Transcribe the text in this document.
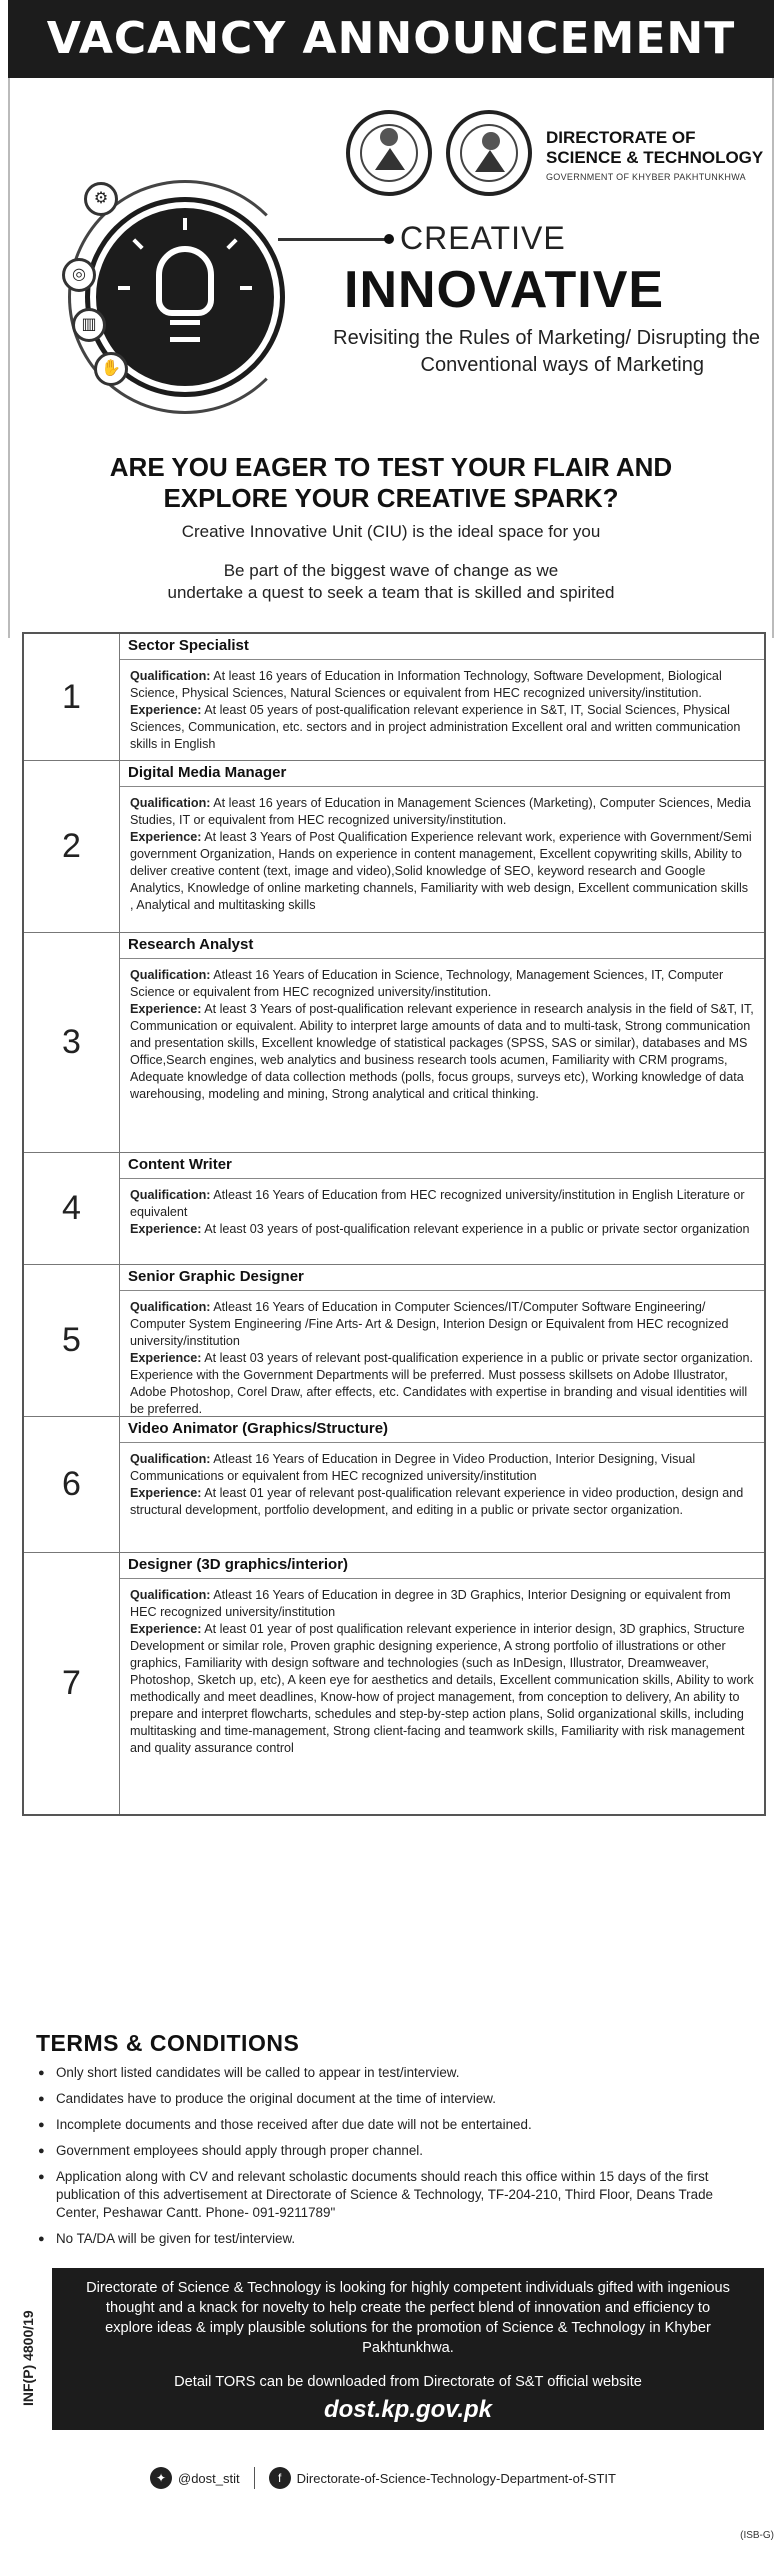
VACANCY ANNOUNCEMENT
DIRECTORATE OF
SCIENCE & TECHNOLOGY
GOVERNMENT OF KHYBER PAKHTUNKHWA
⚙
◎
▥
✋
CREATIVE
INNOVATIVE
Revisiting the Rules of Marketing/ Disrupting the
Conventional ways of Marketing
ARE YOU EAGER TO TEST YOUR FLAIR AND
EXPLORE YOUR CREATIVE SPARK?
Creative Innovative Unit (CIU) is the ideal space for you
Be part of the biggest wave of change as we
undertake a quest to seek a team that is skilled and spirited
1
Sector Specialist

Qualification: At least 16 years of Education in Information Technology, Software Development, Biological Science, Physical Sciences, Natural Sciences or equivalent from HEC recognized university/institution.

Experience: At least 05 years of post-qualification relevant experience in S&T, IT, Social Sciences, Physical Sciences, Communication, etc. sectors and in project administration Excellent oral and written communication skills in English

2
Digital Media Manager

Qualification: At least 16 years of Education in Management Sciences (Marketing), Computer Sciences, Media Studies, IT or equivalent from HEC recognized university/institution.

Experience: At least 3 Years of Post Qualification Experience relevant work, experience with Government/Semi government Organization, Hands on experience in content management, Excellent copywriting skills, Ability to deliver creative content (text, image and video),Solid knowledge of SEO, keyword research and Google Analytics, Knowledge of online marketing channels, Familiarity with web design, Excellent communication skills , Analytical and multitasking skills

3
Research Analyst

Qualification: Atleast 16 Years of Education in Science, Technology, Management Sciences, IT, Computer Science or equivalent from HEC recognized university/institution.

Experience: At least 3 Years of post-qualification relevant experience in research analysis in the field of S&T, IT, Communication or equivalent. Ability to interpret large amounts of data and to multi-task, Strong communication and presentation skills, Excellent knowledge of statistical packages (SPSS, SAS or similar), databases and MS Office,Search engines, web analytics and business research tools acumen, Familiarity with CRM programs, Adequate knowledge of data collection methods (polls, focus groups, surveys etc), Working knowledge of data warehousing, modeling and mining, Strong analytical and critical thinking.

4
Content Writer

Qualification: Atleast 16 Years of Education from HEC recognized university/institution in English Literature or equivalent

Experience: At least 03 years of post-qualification relevant experience in a public or private sector organization

5
Senior Graphic Designer

Qualification: Atleast 16 Years of Education in Computer Sciences/IT/Computer Software Engineering/ Computer System Engineering /Fine Arts- Art & Design, Interion Design or Equivalent from HEC recognized university/institution

Experience: At least 03 years of relevant post-qualification experience in a public or private sector organization. Experience with the Government Departments will be preferred. Must possess skillsets on Adobe Illustrator, Adobe Photoshop, Corel Draw, after effects, etc. Candidates with expertise in branding and visual identities will be preferred.

6
Video Animator (Graphics/Structure)

Qualification: Atleast 16 Years of Education in Degree in Video Production, Interior Designing, Visual Communications or equivalent from HEC recognized university/institution

Experience: At least 01 year of relevant post-qualification relevant experience in video production, design and structural development, portfolio development, and editing in a public or private sector organization.

7
Designer (3D graphics/interior)

Qualification: Atleast 16 Years of Education in degree in 3D Graphics, Interior Designing or equivalent from HEC recognized university/institution

Experience: At least 01 year of post qualification relevant experience in interior design, 3D graphics, Structure Development or similar role, Proven graphic designing experience, A strong portfolio of illustrations or other graphics, Familiarity with design software and technologies (such as InDesign, Illustrator, Dreamweaver, Photoshop, Sketch up, etc), A keen eye for aesthetics and details, Excellent communication skills, Ability to work methodically and meet deadlines, Know-how of project management, from conception to delivery, An ability to prepare and interpret flowcharts, schedules and step-by-step action plans, Solid organizational skills, including multitasking and time-management, Strong client-facing and teamwork skills, Familiarity with risk management and quality assurance control

TERMS & CONDITIONS
● Only short listed candidates will be called to appear in test/interview.
● Candidates have to produce the original document at the time of interview.
● Incomplete documents and those received after due date will not be entertained.
● Government employees should apply through proper channel.
● Application along with CV and relevant scholastic documents should reach this office within 15 days of the first publication of this advertisement at Directorate of Science & Technology, TF-204-210, Third Floor, Deans Trade Center, Peshawar Cantt. Phone- 091-9211789"
● No TA/DA will be given for test/interview.
INF(P) 4800/19
Directorate of Science & Technology is looking for highly competent individuals gifted with ingenious thought and a knack for novelty to help create the perfect blend of innovation and efficiency to explore ideas & imply plausible solutions for the promotion of Science & Technology in Khyber Pakhtunkhwa.
Detail TORS can be downloaded from Directorate of S&T official website
dost.kp.gov.pk
✦ @dost_stit	f	Directorate-of-Science-Technology-Department-of-STIT
(ISB-G)
